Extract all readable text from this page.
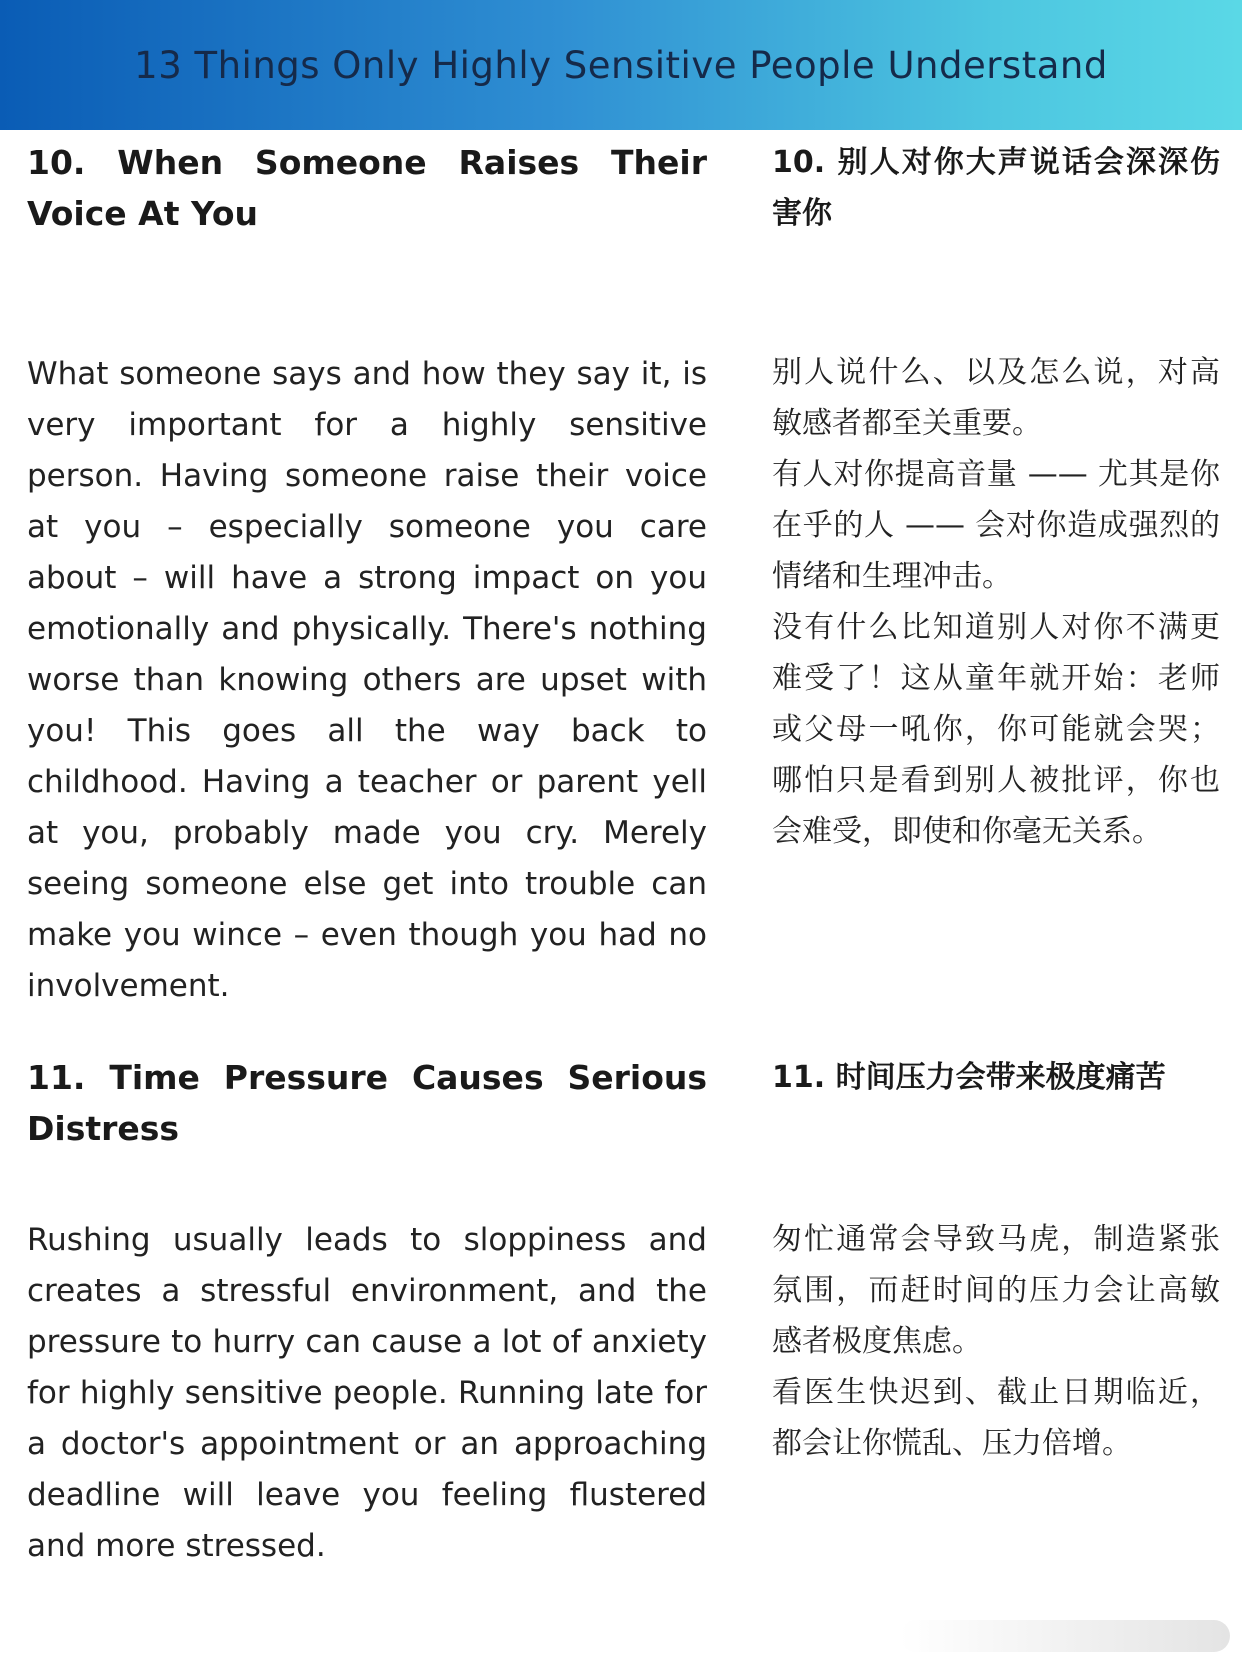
13 Things Only Highly Sensitive People Understand
10. When Someone Raises Their Voice At You

What someone says and how they say it, is very important for a highly sensitive person. Having someone raise their voice at you – especially someone you care about – will have a strong impact on you emotionally and physically. There's nothing worse than knowing others are upset with you! This goes all the way back to childhood. Having a teacher or parent yell at you, probably made you cry. Merely seeing someone else get into trouble can make you wince – even though you had no involvement.

10. 别人对你大声说话会深深伤害你

别人说什么、以及怎么说，对高敏感者都至关重要。

有人对你提高音量 —— 尤其是你在乎的人 —— 会对你造成强烈的情绪和生理冲击。

没有什么比知道别人对你不满更难受了！这从童年就开始：老师或父母一吼你，你可能就会哭；哪怕只是看到别人被批评，你也会难受，即使和你毫无关系。

11. Time Pressure Causes Serious Distress

Rushing usually leads to sloppiness and creates a stressful environment, and the pressure to hurry can cause a lot of anxiety for highly sensitive people. Running late for a doctor's appointment or an approaching deadline will leave you feeling flustered and more stressed.

11. 时间压力会带来极度痛苦

匆忙通常会导致马虎，制造紧张氛围，而赶时间的压力会让高敏感者极度焦虑。

看医生快迟到、截止日期临近，都会让你慌乱、压力倍增。
